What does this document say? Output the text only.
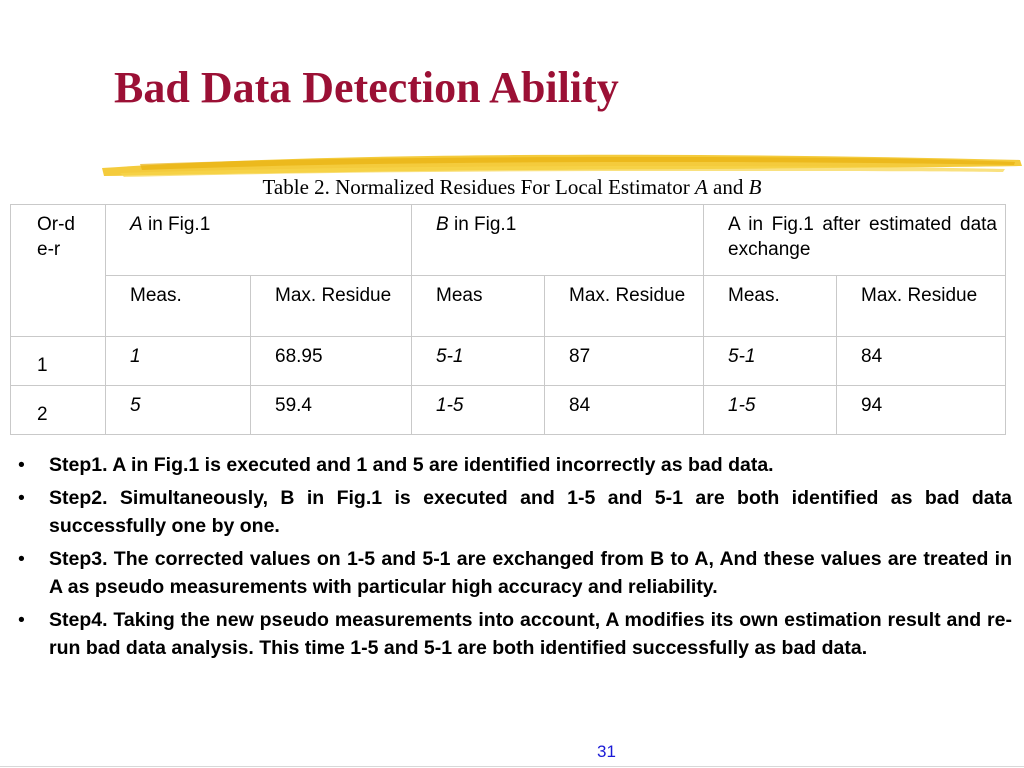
Bad Data Detection Ability
Table 2. Normalized Residues For Local Estimator A and B
Or-de-r	A in Fig.1		B in Fig.1		A in Fig.1 after estimated data exchange	

	Meas.	Max. Residue	Meas	Max. Residue	Meas.	Max. Residue
1	1	68.95	5-1	87	5-1	84
2	5	59.4	1-5	84	1-5	94
• Step1. A in Fig.1 is executed and 1 and 5 are identified incorrectly as bad data.
• Step2. Simultaneously, B in Fig.1 is executed and 1-5 and 5-1 are both identified as bad data successfully one by one.
• Step3. The corrected values on 1-5 and 5-1 are exchanged from B to A, And these values are treated in A as pseudo measurements with particular high accuracy and reliability.
• Step4. Taking the new pseudo measurements into account, A modifies its own estimation result and re-run bad data analysis. This time 1-5 and 5-1 are both identified successfully as bad data.
31
